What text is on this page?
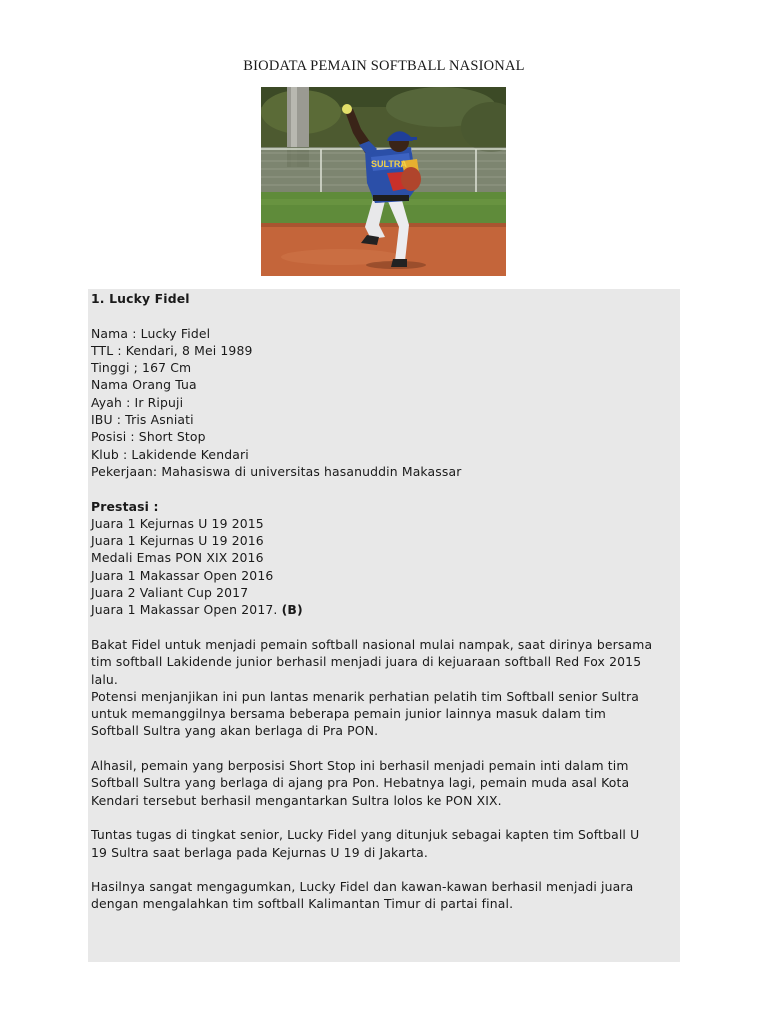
BIODATA PEMAIN SOFTBALL NASIONAL
SULTRA

1. Lucky Fidel

Nama : Lucky Fidel

TTL : Kendari, 8 Mei 1989

Tinggi ; 167 Cm

Nama Orang Tua

Ayah : Ir Ripuji

IBU : Tris Asniati

Posisi : Short Stop

Klub : Lakidende Kendari

Pekerjaan: Mahasiswa di universitas hasanuddin Makassar

Prestasi :

Juara 1 Kejurnas U 19 2015

Juara 1 Kejurnas U 19 2016

Medali Emas PON XIX 2016

Juara 1 Makassar Open 2016

Juara 2 Valiant Cup 2017

Juara 1 Makassar Open 2017. (B)

Bakat Fidel untuk menjadi pemain softball nasional mulai nampak, saat dirinya bersama

tim softball Lakidende junior berhasil menjadi juara di kejuaraan softball Red Fox 2015

lalu.

Potensi menjanjikan ini pun lantas menarik perhatian pelatih tim Softball senior Sultra

untuk memanggilnya bersama beberapa pemain junior lainnya masuk dalam tim

Softball Sultra yang akan berlaga di Pra PON.

Alhasil, pemain yang berposisi Short Stop ini berhasil menjadi pemain inti dalam tim

Softball Sultra yang berlaga di ajang pra Pon. Hebatnya lagi, pemain muda asal Kota

Kendari tersebut berhasil mengantarkan Sultra lolos ke PON XIX.

Tuntas tugas di tingkat senior, Lucky Fidel yang ditunjuk sebagai kapten tim Softball U

19 Sultra saat berlaga pada Kejurnas U 19 di Jakarta.

Hasilnya sangat mengagumkan, Lucky Fidel dan kawan-kawan berhasil menjadi juara

dengan mengalahkan tim softball Kalimantan Timur di partai final.
